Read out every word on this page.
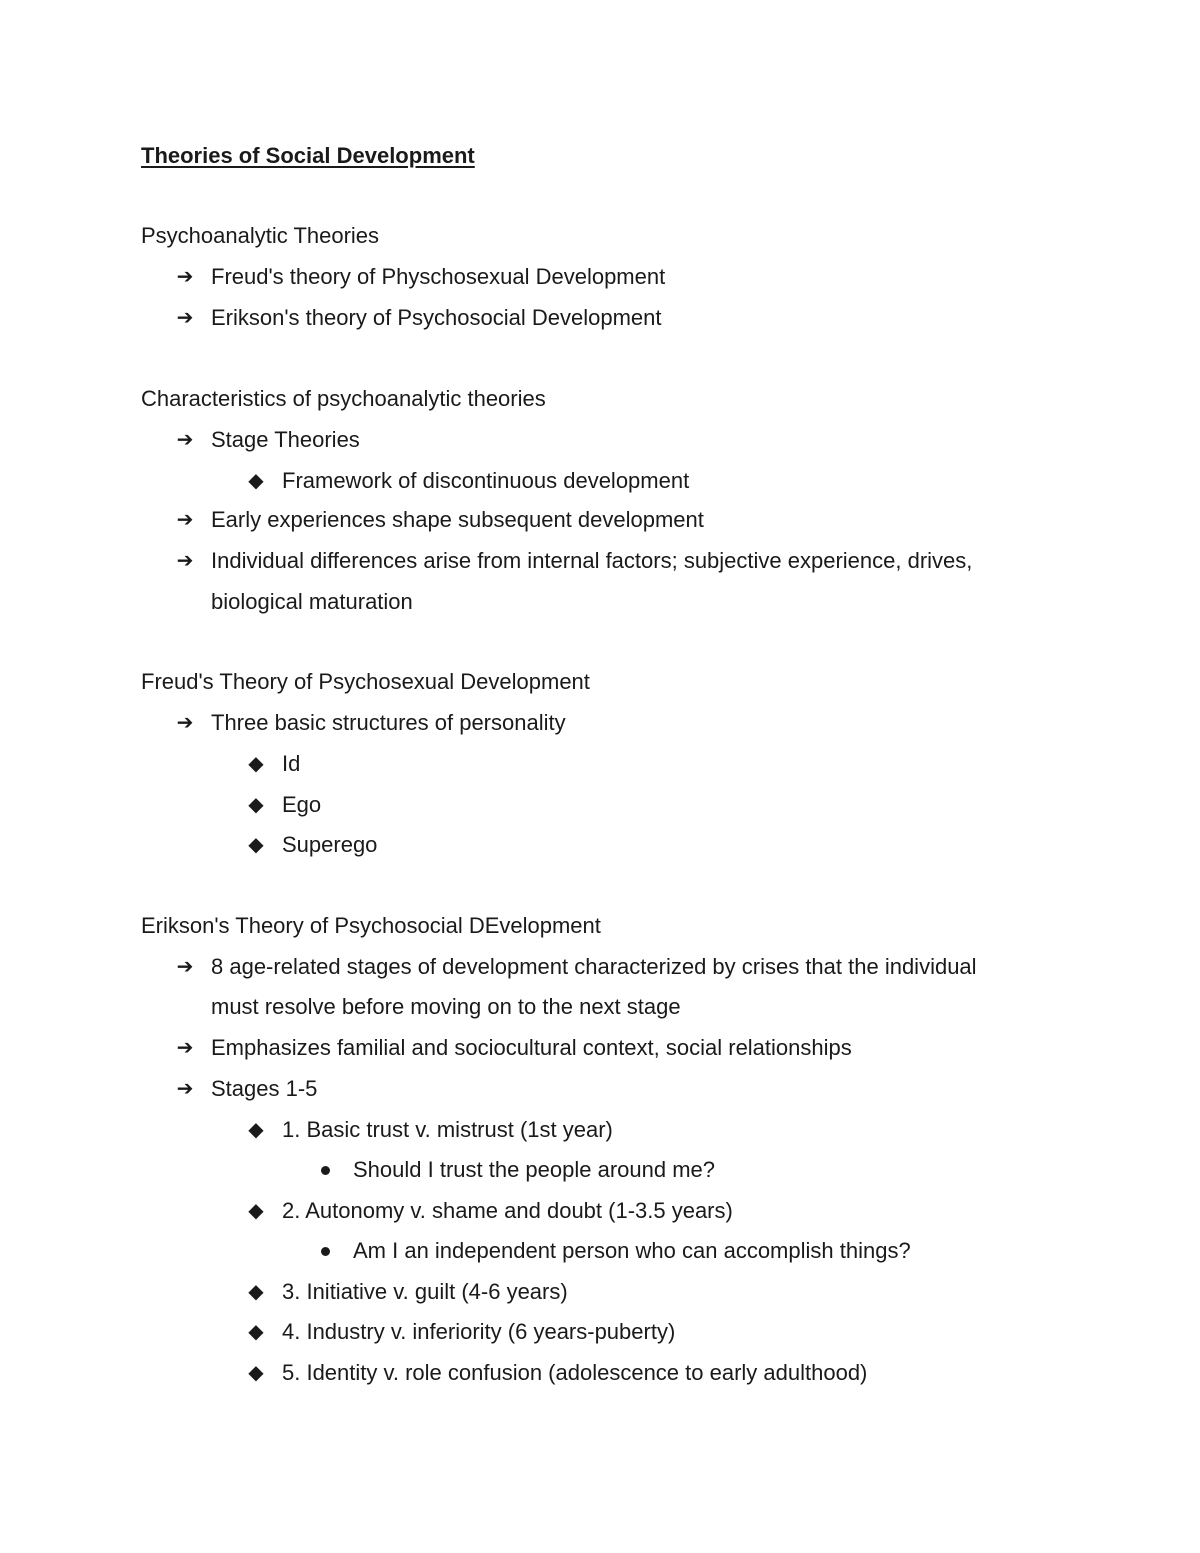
Theories of Social Development
Psychoanalytic Theories
➔ Freud's theory of Physchosexual Development
➔ Erikson's theory of Psychosocial Development
Characteristics of psychoanalytic theories
➔ Stage Theories
◆ Framework of discontinuous development
➔ Early experiences shape subsequent development
➔ Individual differences arise from internal factors; subjective experience, drives,
biological maturation
Freud's Theory of Psychosexual Development
➔ Three basic structures of personality
◆ Id
◆ Ego
◆ Superego
Erikson's Theory of Psychosocial DEvelopment
➔ 8 age-related stages of development characterized by crises that the individual
must resolve before moving on to the next stage
➔ Emphasizes familial and sociocultural context, social relationships
➔ Stages 1-5
◆ 1. Basic trust v. mistrust (1st year)
Should I trust the people around me?
◆ 2. Autonomy v. shame and doubt (1-3.5 years)
Am I an independent person who can accomplish things?
◆ 3. Initiative v. guilt (4-6 years)
◆ 4. Industry v. inferiority (6 years-puberty)
◆ 5. Identity v. role confusion (adolescence to early adulthood)
